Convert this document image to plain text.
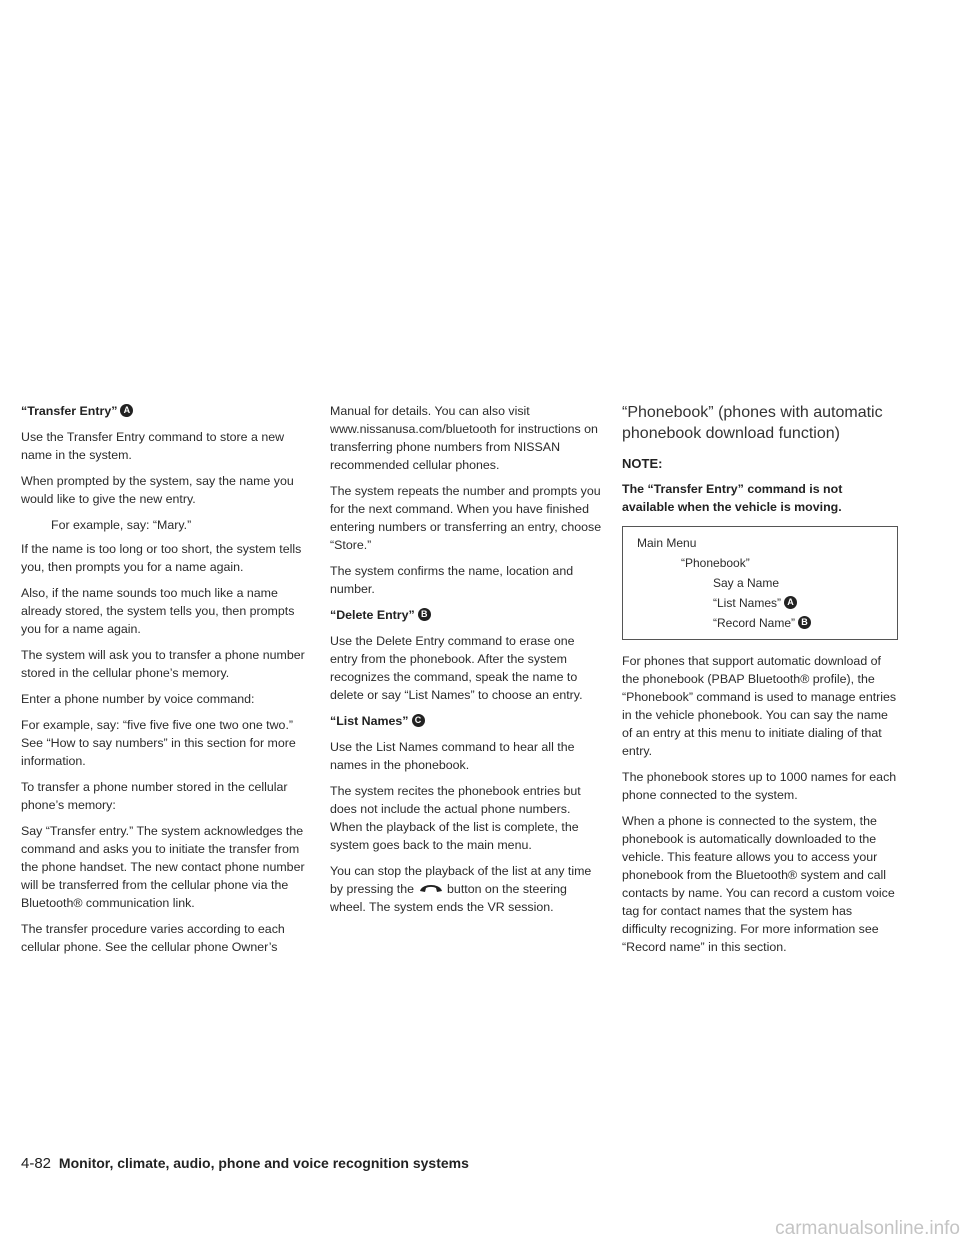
“Transfer Entry” A

Use the Transfer Entry command to store a new name in the system.

When prompted by the system, say the name you would like to give the new entry.

For example, say: “Mary.”

If the name is too long or too short, the system tells you, then prompts you for a name again.

Also, if the name sounds too much like a name already stored, the system tells you, then prompts you for a name again.

The system will ask you to transfer a phone number stored in the cellular phone’s memory.

Enter a phone number by voice command:

For example, say: “five five five one two one two.” See “How to say numbers” in this section for more information.

To transfer a phone number stored in the cellular phone’s memory:

Say “Transfer entry.” The system acknowledges the command and asks you to initiate the transfer from the phone handset. The new contact phone number will be transferred from the cellular phone via the Bluetooth® communication link.

The transfer procedure varies according to each cellular phone. See the cellular phone Owner’s

Manual for details. You can also visit www.nissanusa.com/bluetooth for instructions on transferring phone numbers from NISSAN recommended cellular phones.

The system repeats the number and prompts you for the next command. When you have finished entering numbers or transferring an entry, choose “Store.”

The system confirms the name, location and number.

“Delete Entry” B

Use the Delete Entry command to erase one entry from the phonebook. After the system recognizes the command, speak the name to delete or say “List Names” to choose an entry.

“List Names” C

Use the List Names command to hear all the names in the phonebook.

The system recites the phonebook entries but does not include the actual phone numbers. When the playback of the list is complete, the system goes back to the main menu.

You can stop the playback of the list at any time by pressing the	button on the steering wheel. The system ends the VR session.

“Phonebook” (phones with automatic phonebook download function)
NOTE:
The “Transfer Entry” command is not available when the vehicle is moving.
Main Menu
“Phonebook”
Say a Name
“List Names” A
“Record Name” B

For phones that support automatic download of the phonebook (PBAP Bluetooth® profile), the “Phonebook” command is used to manage entries in the vehicle phonebook. You can say the name of an entry at this menu to initiate dialing of that entry.

The phonebook stores up to 1000 names for each phone connected to the system.

When a phone is connected to the system, the phonebook is automatically downloaded to the vehicle. This feature allows you to access your phonebook from the Bluetooth® system and call contacts by name. You can record a custom voice tag for contact names that the system has difficulty recognizing. For more information see “Record name” in this section.

4-82 Monitor, climate, audio, phone and voice recognition systems
carmanualsonline.info
